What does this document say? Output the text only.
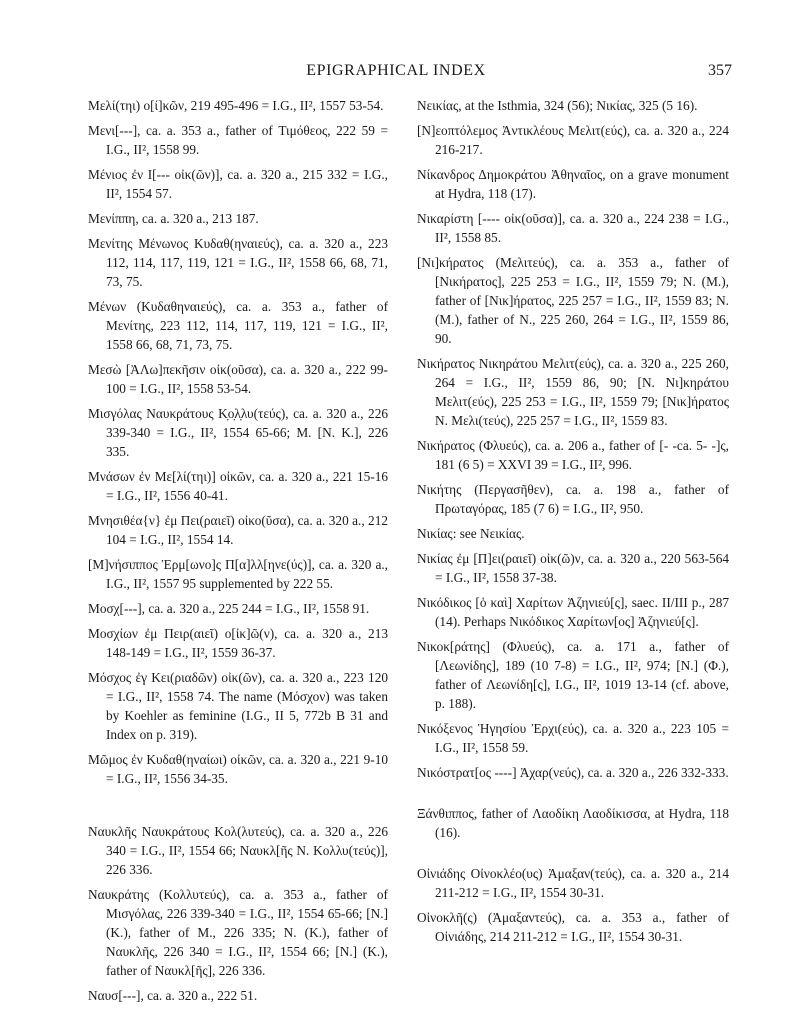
EPIGRAPHICAL INDEX	357

Μελί(τηι) ο[ί]κῶν, 219 495-496 = I.G., II², 1557 53-54.

Μενι[---], ca. a. 353 a., father of Τιμόθεος, 222 59 = I.G., II², 1558 99.

Μένιος ἐν Ι[--- οἰκ(ῶν)], ca. a. 320 a., 215 332 = I.G., II², 1554 57.

Μενίππη, ca. a. 320 a., 213 187.

Μενίτης Μένωνος Κυδαθ(ηναιεύς), ca. a. 320 a., 223 112, 114, 117, 119, 121 = I.G., II², 1558 66, 68, 71, 73, 75.

Μένων (Κυδαθηναιεύς), ca. a. 353 a., father of Μενίτης, 223 112, 114, 117, 119, 121 = I.G., II², 1558 66, 68, 71, 73, 75.

Μεσὼ [ἈΛω]πεκῆσιν οἰκ(οῦσα), ca. a. 320 a., 222 99-100 = I.G., II², 1558 53-54.

Μισγόλας Ναυκράτους Κ̣ο̣λ̣λυ(τεύς), ca. a. 320 a., 226 339-340 = I.G., II², 1554 65-66; M. [N. K.], 226 335.

Μνάσων ἐν Με[λί(τηι)] οἰκῶν, ca. a. 320 a., 221 15-16 = I.G., II², 1556 40-41.

Μνησιθέα{ν} ἐμ Πει(ραιεῖ) οἰκο(ῦσα), ca. a. 320 a., 212 104 = I.G., II², 1554 14.

[Μ]νήσιππος Ἑρμ[ωνο]ς Π[α]λλ[ηνε(ύς)], ca. a. 320 a., I.G., II², 1557 95 supplemented by 222 55.

Μοσχ[---], ca. a. 320 a., 225 244 = I.G., II², 1558 91.

Μοσχίων ἐμ Πειρ(αιεῖ) ο[ἰκ]ῶ(ν), ca. a. 320 a., 213 148-149 = I.G., II², 1559 36-37.

Μόσχος ἐγ Κει(ριαδῶν) οἰκ(ῶν), ca. a. 320 a., 223 120 = I.G., II², 1558 74. The name (Μόσχον) was taken by Koehler as feminine (I.G., II 5, 772b B 31 and Index on p. 319).

Μῶμος ἐν Κυδαθ(ηναίωι) οἰκῶν, ca. a. 320 a., 221 9-10 = I.G., II², 1556 34-35.

Ναυκλῆς Ναυκράτους Κολ(λυτεύς), ca. a. 320 a., 226 340 = I.G., II², 1554 66; Ναυκλ[ῆς Ν. Κολλυ(τεύς)], 226 336.

Ναυκράτης (Κολλυτεύς), ca. a. 353 a., father of Μισγόλας, 226 339-340 = I.G., II², 1554 65-66; [N.] (K.), father of M., 226 335; N. (K.), father of Ναυκλῆς, 226 340 = I.G., II², 1554 66; [N.] (K.), father of Ναυκλ[ῆς], 226 336.

Ναυσ[---], ca. a. 320 a., 222 51.

Νεικίας, at the Isthmia, 324 (56); Νικίας, 325 (5 16).

[Ν]εοπτόλεμος Ἀντικλέους Μελιτ(εύς), ca. a. 320 a., 224 216-217.

Νίκανδρος Δημοκράτου Ἀθηναῖος, on a grave monument at Hydra, 118 (17).

Νικαρίστη [---- οἰκ(οῦσα)], ca. a. 320 a., 224 238 = I.G., II², 1558 85.

[Νι]κήρατος (Μελιτεύς), ca. a. 353 a., father of [Νικήρατος], 225 253 = I.G., II², 1559 79; N. (M.), father of [Νικ]ήρατος, 225 257 = I.G., II², 1559 83; N. (M.), father of N., 225 260, 264 = I.G., II², 1559 86, 90.

Νικήρατος Νικηράτου Μελιτ(εύς), ca. a. 320 a., 225 260, 264 = I.G., II², 1559 86, 90; [N. Νι]κηράτου Μελιτ(εύς), 225 253 = I.G., II², 1559 79; [Νικ]ήρατος N. Μελι(τεύς), 225 257 = I.G., II², 1559 83.

Νικήρατος (Φλυεύς), ca. a. 206 a., father of [- -ca. 5- -]ς, 181 (6 5) = XXVI 39 = I.G., II², 996.

Νικήτης (Περγασῆθεν), ca. a. 198 a., father of Πρωταγόρας, 185 (7 6) = I.G., II², 950.

Νικίας: see Νεικίας.

Νικίας ἐμ [Π]ει(ραιεῖ) οἰκ(ῶ)ν, ca. a. 320 a., 220 563-564 = I.G., II², 1558 37-38.

Νικόδικος [ὁ καὶ] Χαρίτων Ἀζηνιεύ[ς], saec. II/III p., 287 (14). Perhaps Νικόδικος Χαρίτων[ος] Ἀζηνιεύ[ς].

Νικοκ[ράτης] (Φλυεύς), ca. a. 171 a., father of [Λεωνίδης], 189 (10 7-8) = I.G., II², 974; [N.] (Φ.), father of Λεωνίδη[ς], I.G., II², 1019 13-14 (cf. above, p. 188).

Νικόξενος Ἡγησίου Ἐρχι(εύς), ca. a. 320 a., 223 105 = I.G., II², 1558 59.

Νικόστρατ[ος ----] Ἀχαρ(νεύς), ca. a. 320 a., 226 332-333.

Ξάνθιππος, father of Λαοδίκη Λαοδίκισσα, at Hydra, 118 (16).

Οἰνιάδης Οἰνοκλέο(υς) Ἀμαξαν(τεύς), ca. a. 320 a., 214 211-212 = I.G., II², 1554 30-31.

Οἰνοκλῆ(ς) (Ἀμαξαντεύς), ca. a. 353 a., father of Οἰνιάδης, 214 211-212 = I.G., II², 1554 30-31.
